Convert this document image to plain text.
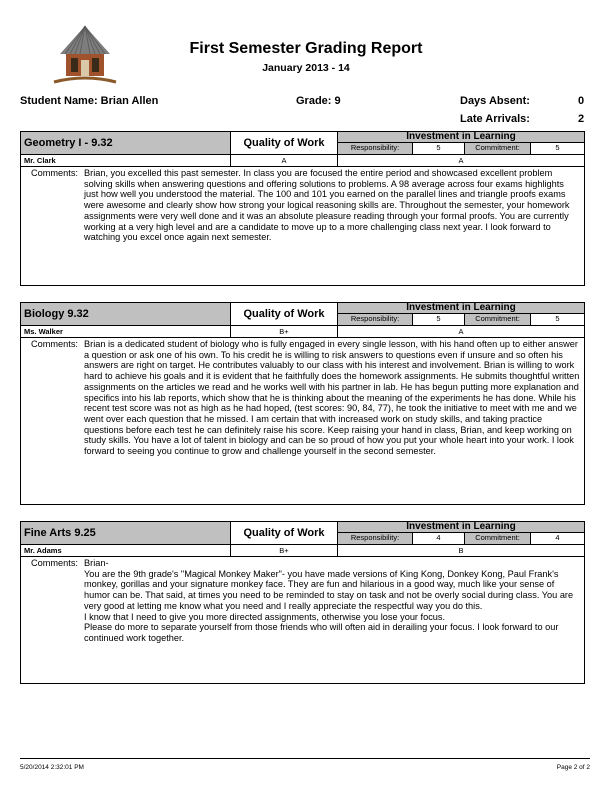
First Semester Grading Report
January 2013 - 14
Student Name: Brian Allen	Grade: 9	Days Absent:	0
Late Arrivals:	2
Geometry I - 9.32	Quality of Work
Investment in Learning
Responsibility:	5	Commitment:	5
Mr. Clark	A	A
Comments: Brian, you excelled this past semester. In class you are focused the entire period and showcased excellent problem solving skills when answering questions and offering solutions to problems. A 98 average across four exams highlights just how well you understood the material. The 100 and 101 you earned on the parallel lines and triangle proofs exams were awesome and clearly show how strong your logical reasoning skills are. Throughout the semester, your homework assignments were very well done and it was an absolute pleasure reading through your formal proofs. You are currently working at a very high level and are a candidate to move up to a more challenging class next year. I look forward to watching you excel once again next semester.

Biology 9.32	Quality of Work
Investment in Learning
Responsibility:	5	Commitment:	5
Ms. Walker	B+	A
Comments: Brian is a dedicated student of biology who is fully engaged in every single lesson, with his hand often up to either answer a question or ask one of his own. To his credit he is willing to risk answers to questions even if unsure and so often his answers are right on target. He contributes valuably to our class with his interest and involvement. Brian is willing to work hard to achieve his goals and it is evident that he faithfully does the homework assignments. He submits thoughtful written assignments on the articles we read and he works well with his partner in lab. He has begun putting more explanation and specifics into his lab reports, which show that he is thinking about the meaning of the experiments he has done. While his recent test score was not as high as he had hoped, (test scores: 90, 84, 77), he took the initiative to meet with me and we went over each question that he missed. I am certain that with increased work on study skills, and taking practice questions before each test he can definitely raise his score. Keep raising your hand in class, Brian, and keep working on study skills. You have a lot of talent in biology and can be so proud of how you put your whole heart into your work. I look forward to seeing you continue to grow and challenge yourself in the second semester.

Fine Arts 9.25	Quality of Work
Investment in Learning
Responsibility:	4	Commitment:	4
Mr. Adams	B+	B
Comments: Brian-

You are the 9th grade's "Magical Monkey Maker"- you have made versions of King Kong, Donkey Kong, Paul Frank's monkey, gorillas and your signature monkey face. They are fun and hilarious in a good way, much like your sense of humor can be. That said, at times you need to be reminded to stay on task and not be overly social during class. You are very good at letting me know what you need and I really appreciate the respectful way you do this.

I know that I need to give you more directed assignments, otherwise you lose your focus.

Please do more to separate yourself from those friends who will often aid in derailing your focus. I look forward to our continued work together.

5/20/2014 2:32:01 PM	Page 2 of 2
